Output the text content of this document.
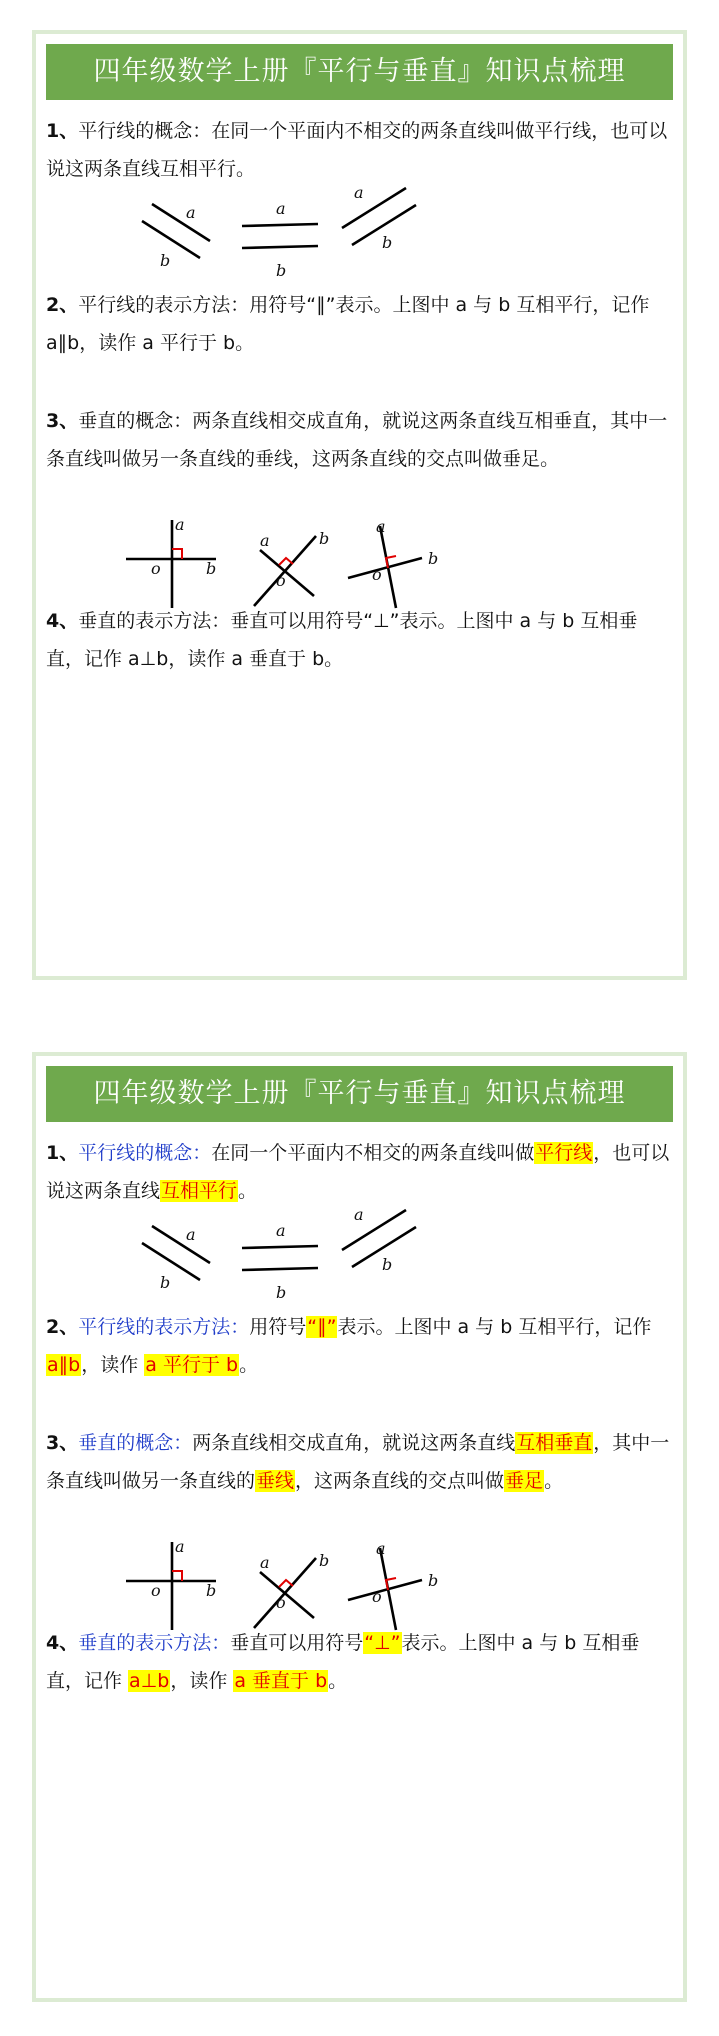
四年级数学上册『平行与垂直』知识点梳理
1、平行线的概念：在同一个平面内不相交的两条直线叫做平行线，也可以说这两条直线互相平行。
a
b
a
b
a
b
2、平行线的表示方法：用符号“∥”表示。上图中 a 与 b 互相平行，记作 a∥b，读作 a 平行于 b。
3、垂直的概念：两条直线相交成直角，就说这两条直线互相垂直，其中一条直线叫做另一条直线的垂线，这两条直线的交点叫做垂足。
a
o	b
a	b
o
a
b
o
4、垂直的表示方法：垂直可以用符号“⊥”表示。上图中 a 与 b 互相垂直，记作 a⊥b，读作 a 垂直于 b。
四年级数学上册『平行与垂直』知识点梳理
1、平行线的概念：在同一个平面内不相交的两条直线叫做平行线，也可以说这两条直线互相平行。
a
b
a
b
a
b
2、平行线的表示方法：用符号“∥”表示。上图中 a 与 b 互相平行，记作 a∥b，读作 a 平行于 b。
3、垂直的概念：两条直线相交成直角，就说这两条直线互相垂直，其中一条直线叫做另一条直线的垂线，这两条直线的交点叫做垂足。
a
o	b
a	b
o
a
b
o
4、垂直的表示方法：垂直可以用符号“⊥”表示。上图中 a 与 b 互相垂直，记作 a⊥b，读作 a 垂直于 b。
